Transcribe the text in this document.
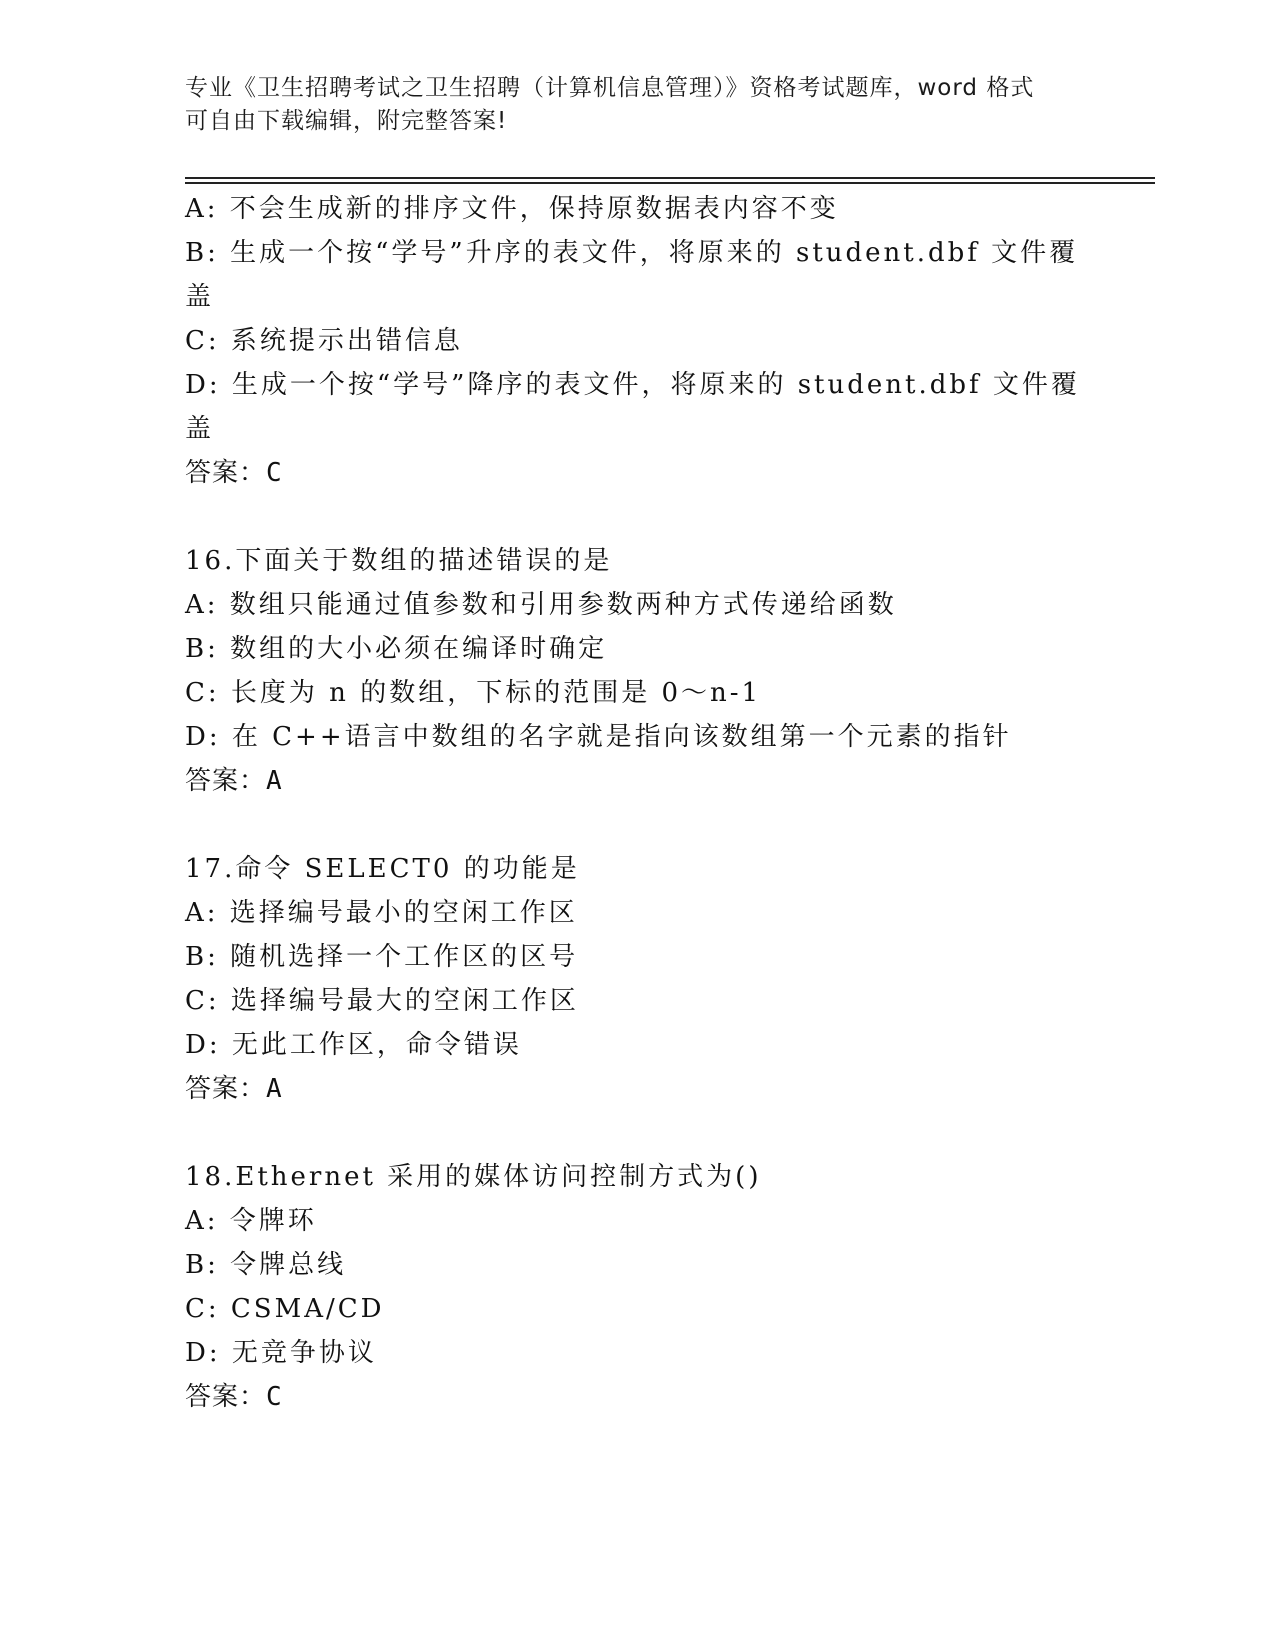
专业《卫生招聘考试之卫生招聘（计算机信息管理）》资格考试题库，word 格式
可自由下载编辑，附完整答案!
A: 不会生成新的排序文件，保持原数据表内容不变
B: 生成一个按“学号”升序的表文件，将原来的 student.dbf 文件覆
盖
C: 系统提示出错信息
D: 生成一个按“学号”降序的表文件，将原来的 student.dbf 文件覆
盖
答案：C
16.下面关于数组的描述错误的是
A: 数组只能通过值参数和引用参数两种方式传递给函数
B: 数组的大小必须在编译时确定
C: 长度为 n 的数组，下标的范围是 0～n-1
D: 在 C++语言中数组的名字就是指向该数组第一个元素的指针
答案：A
17.命令 SELECT0 的功能是
A: 选择编号最小的空闲工作区
B: 随机选择一个工作区的区号
C: 选择编号最大的空闲工作区
D: 无此工作区，命令错误
答案：A
18.Ethernet 采用的媒体访问控制方式为()
A: 令牌环
B: 令牌总线
C: CSMA/CD
D: 无竞争协议
答案：C
